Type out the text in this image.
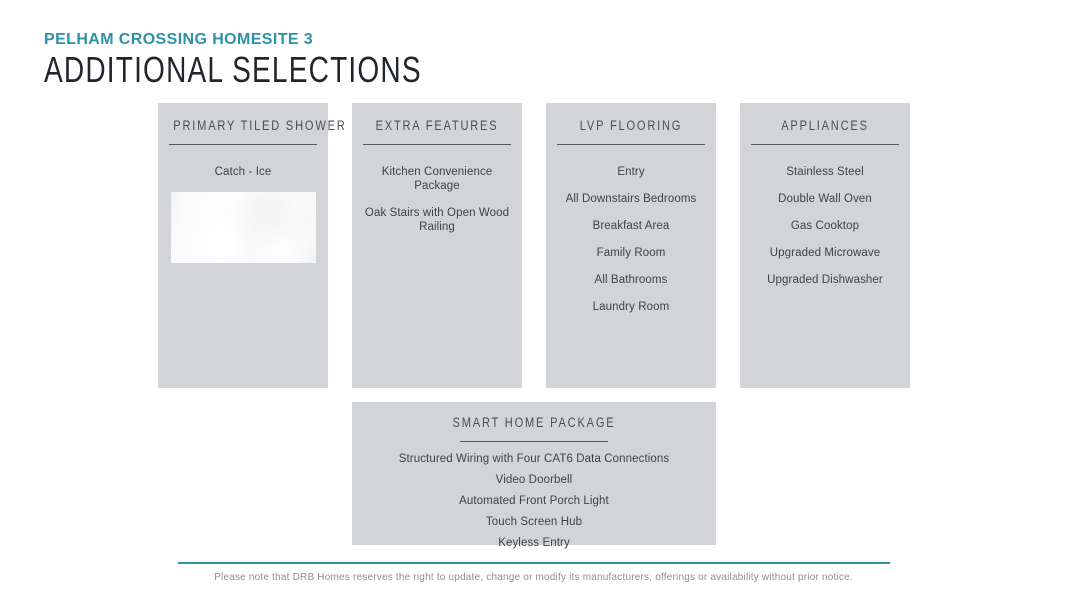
PELHAM CROSSING HOMESITE 3
ADDITIONAL SELECTIONS
PRIMARY TILED SHOWER
Catch - Ice
EXTRA FEATURES
Kitchen Convenience Package
Oak Stairs with Open Wood Railing
LVP FLOORING
Entry
All Downstairs Bedrooms
Breakfast Area
Family Room
All Bathrooms
Laundry Room
APPLIANCES
Stainless Steel
Double Wall Oven
Gas Cooktop
Upgraded Microwave
Upgraded Dishwasher
SMART HOME PACKAGE
Structured Wiring with Four CAT6 Data Connections
Video Doorbell
Automated Front Porch Light
Touch Screen Hub
Keyless Entry
Please note that DRB Homes reserves the right to update, change or modify its manufacturers, offerings or availability without prior notice.
